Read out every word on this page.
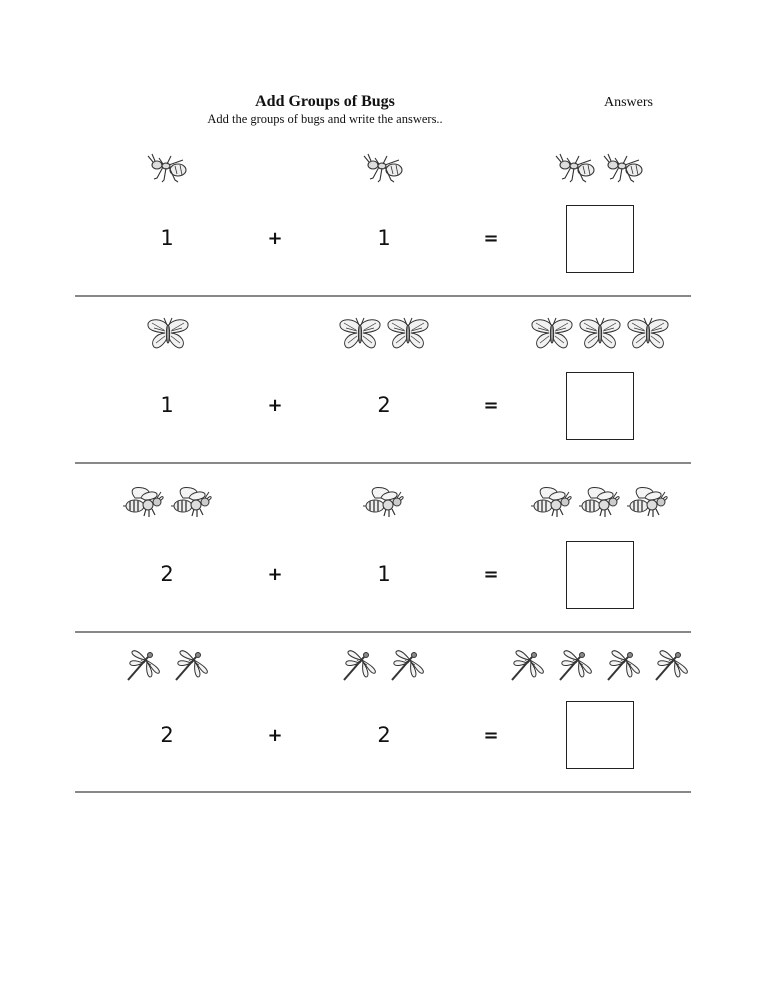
Add Groups of Bugs
Add the groups of bugs and write the answers..
Answers
1	+	1	=
1	+	2	=
2	+	1	=
2	+	2	=
